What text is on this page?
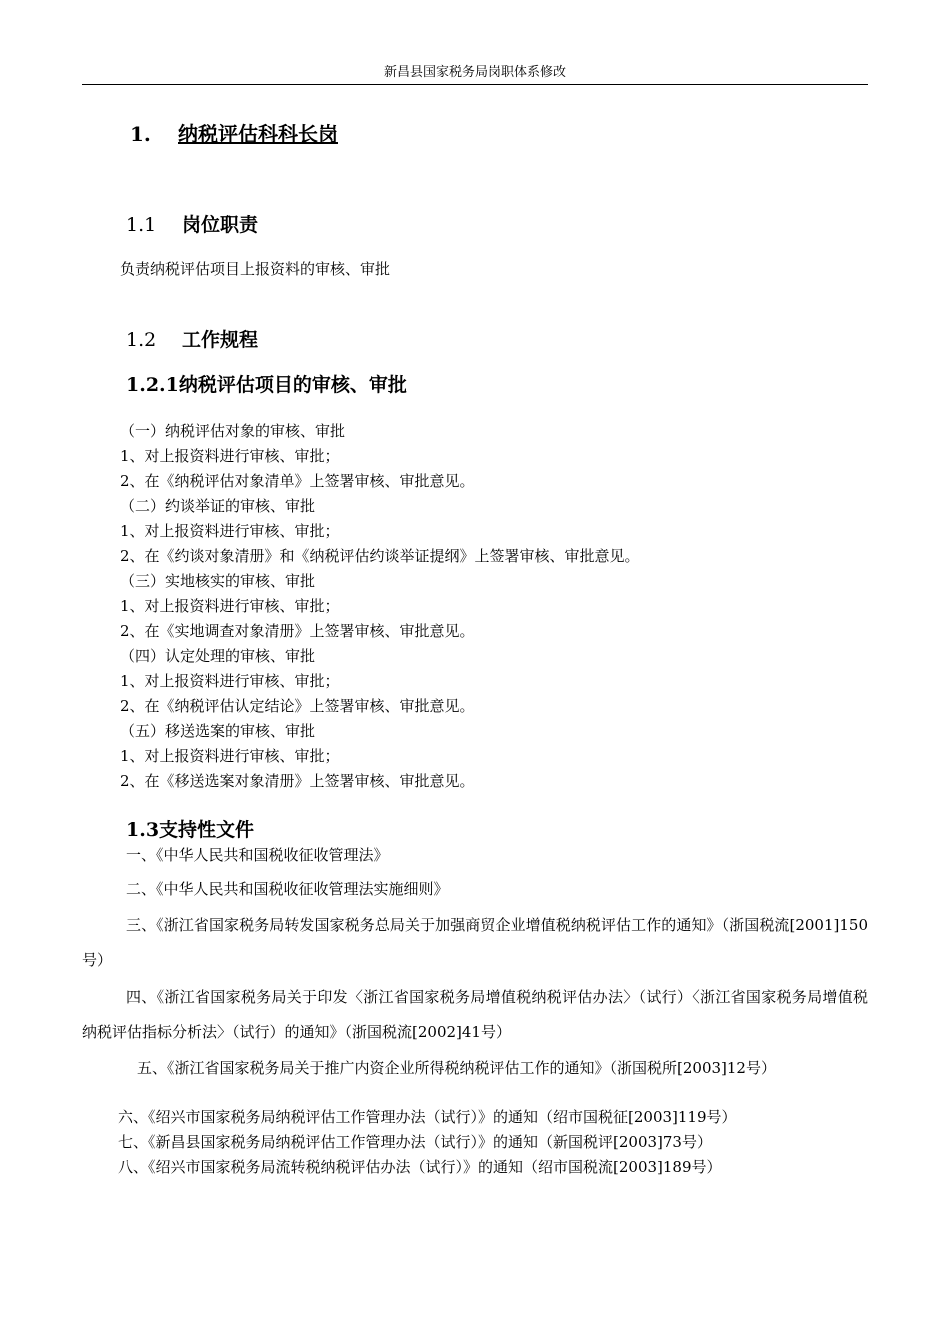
新昌县国家税务局岗职体系修改
1. 纳税评估科科长岗
1.1 岗位职责
负责纳税评估项目上报资料的审核、审批
1.2 工作规程
1.2.1纳税评估项目的审核、审批
（一）纳税评估对象的审核、审批
1、对上报资料进行审核、审批；
2、在《纳税评估对象清单》上签署审核、审批意见。
（二）约谈举证的审核、审批
1、对上报资料进行审核、审批；
2、在《约谈对象清册》和《纳税评估约谈举证提纲》上签署审核、审批意见。
（三）实地核实的审核、审批
1、对上报资料进行审核、审批；
2、在《实地调查对象清册》上签署审核、审批意见。
（四）认定处理的审核、审批
1、对上报资料进行审核、审批；
2、在《纳税评估认定结论》上签署审核、审批意见。
（五）移送选案的审核、审批
1、对上报资料进行审核、审批；
2、在《移送选案对象清册》上签署审核、审批意见。
1.3支持性文件
一、《中华人民共和国税收征收管理法》
二、《中华人民共和国税收征收管理法实施细则》
三、《浙江省国家税务局转发国家税务总局关于加强商贸企业增值税纳税评估工作的通知》（浙国税流[2001]150号）
四、《浙江省国家税务局关于印发〈浙江省国家税务局增值税纳税评估办法〉（试行）〈浙江省国家税务局增值税纳税评估指标分析法〉（试行）的通知》（浙国税流[2002]41号）
五、《浙江省国家税务局关于推广内资企业所得税纳税评估工作的通知》（浙国税所[2003]12号）
六、《绍兴市国家税务局纳税评估工作管理办法（试行）》的通知（绍市国税征[2003]119号）
七、《新昌县国家税务局纳税评估工作管理办法（试行）》的通知（新国税评[2003]73号）
八、《绍兴市国家税务局流转税纳税评估办法（试行）》的通知（绍市国税流[2003]189号）
